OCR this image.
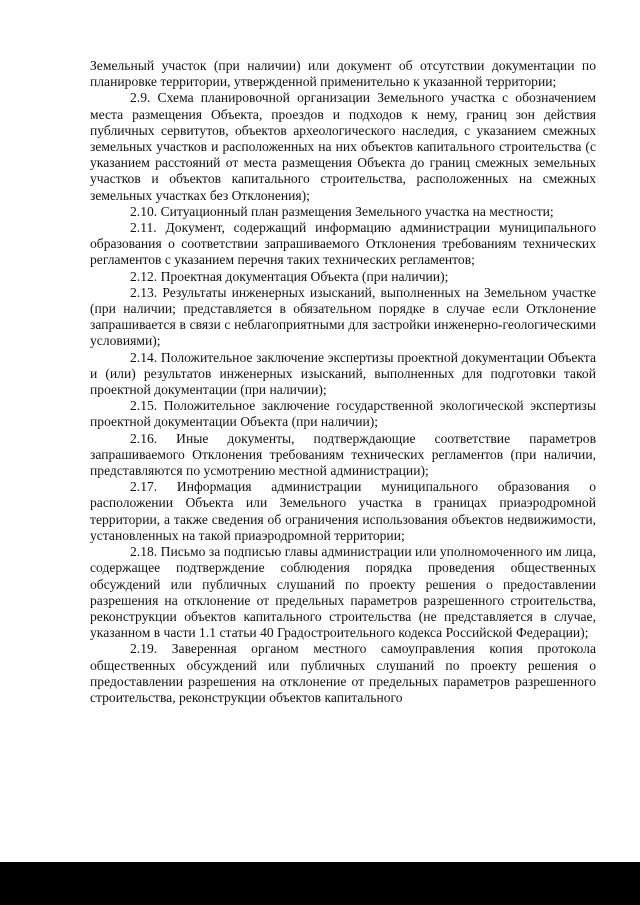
Земельный участок (при наличии) или документ об отсутствии документации по планировке территории, утвержденной применительно к указанной территории;

2.9. Схема планировочной организации Земельного участка с обозначением места размещения Объекта, проездов и подходов к нему, границ зон действия публичных сервитутов, объектов археологического наследия, с указанием смежных земельных участков и расположенных на них объектов капитального строительства (с указанием расстояний от места размещения Объекта до границ смежных земельных участков и объектов капитального строительства, расположенных на смежных земельных участках без Отклонения);

2.10. Ситуационный план размещения Земельного участка на местности;

2.11. Документ, содержащий информацию администрации муниципального образования о соответствии запрашиваемого Отклонения требованиям технических регламентов с указанием перечня таких технических регламентов;

2.12. Проектная документация Объекта (при наличии);

2.13. Результаты инженерных изысканий, выполненных на Земельном участке (при наличии; представляется в обязательном порядке в случае если Отклонение запрашивается в связи с неблагоприятными для застройки инженерно-геологическими условиями);

2.14. Положительное заключение экспертизы проектной документации Объекта и (или) результатов инженерных изысканий, выполненных для подготовки такой проектной документации (при наличии);

2.15. Положительное заключение государственной экологической экспертизы проектной документации Объекта (при наличии);

2.16. Иные документы, подтверждающие соответствие параметров запрашиваемого Отклонения требованиям технических регламентов (при наличии, представляются по усмотрению местной администрации);

2.17. Информация администрации муниципального образования о расположении Объекта или Земельного участка в границах приаэродромной территории, а также сведения об ограничения использования объектов недвижимости, установленных на такой приаэродромной территории;

2.18. Письмо за подписью главы администрации или уполномоченного им лица, содержащее подтверждение соблюдения порядка проведения общественных обсуждений или публичных слушаний по проекту решения о предоставлении разрешения на отклонение от предельных параметров разрешенного строительства, реконструкции объектов капитального строительства (не представляется в случае, указанном в части 1.1 статьи 40 Градостроительного кодекса Российской Федерации);

2.19. Заверенная органом местного самоуправления копия протокола общественных обсуждений или публичных слушаний по проекту решения о предоставлении разрешения на отклонение от предельных параметров разрешенного строительства, реконструкции объектов капитального
